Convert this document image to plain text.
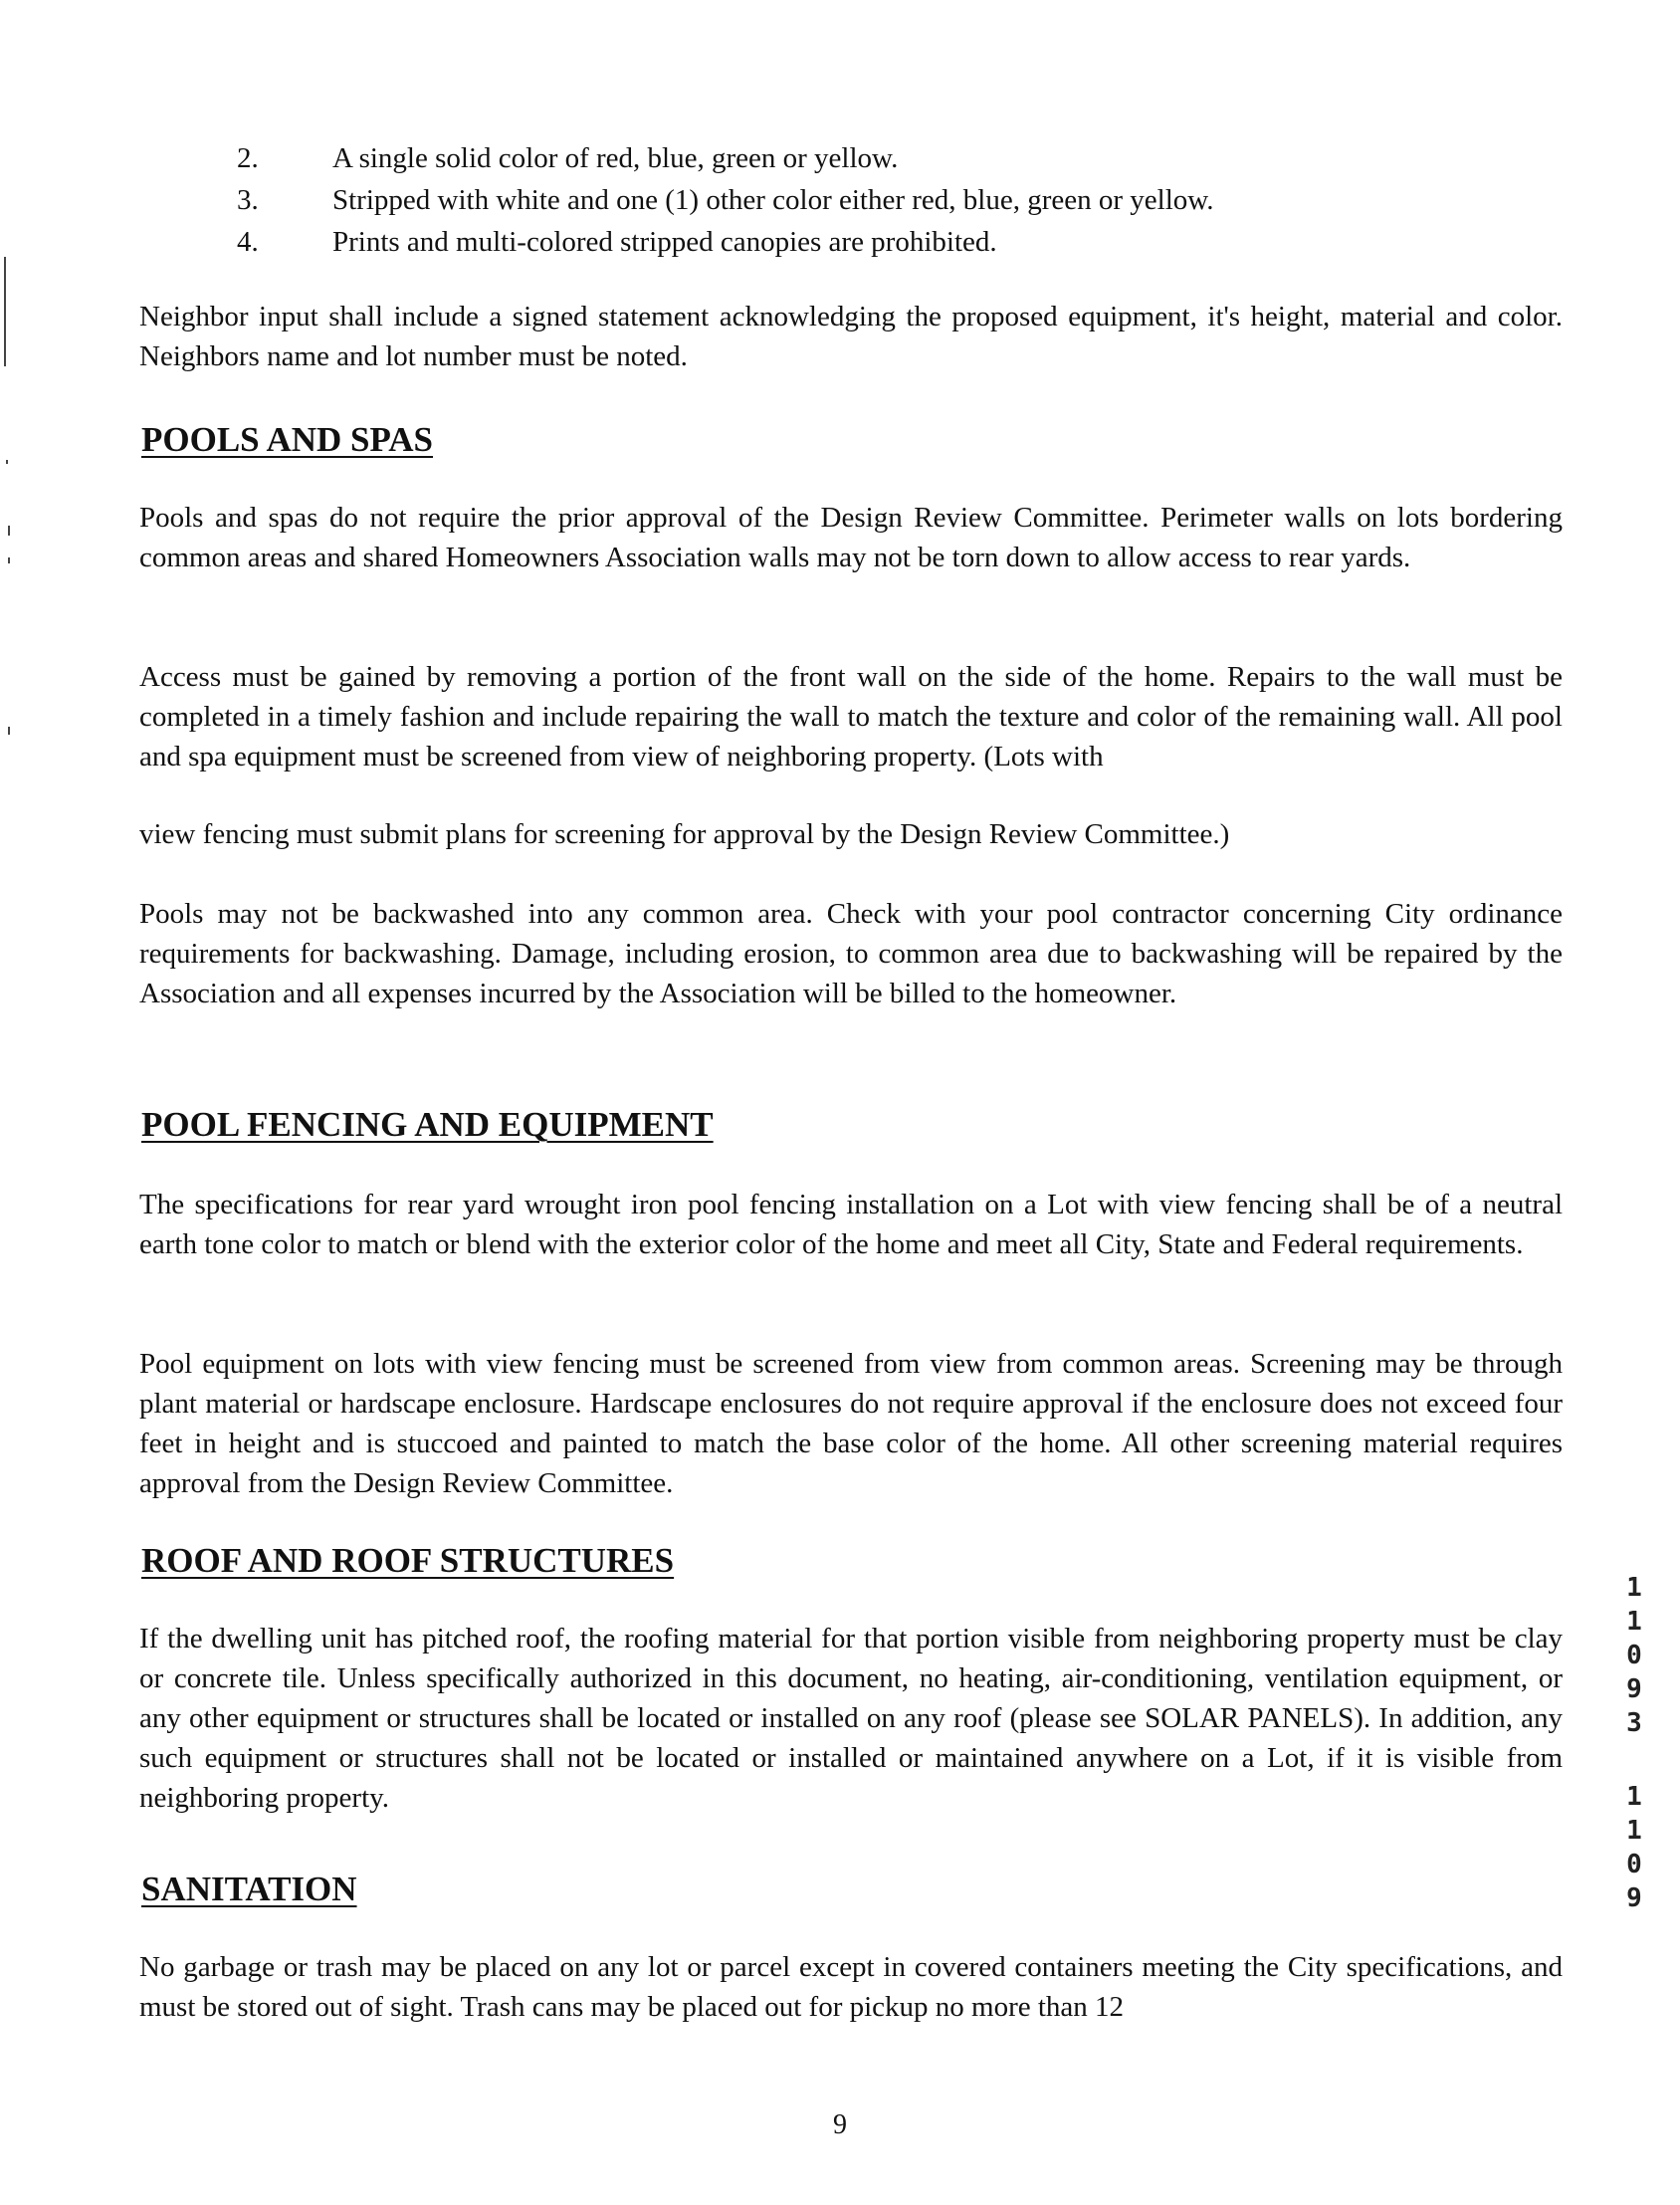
2.	A single solid color of red, blue, green or yellow.
3.	Stripped with white and one (1) other color either red, blue, green or yellow.
4.	Prints and multi-colored stripped canopies are prohibited.

Neighbor input shall include a signed statement acknowledging the proposed equipment, it's height, material and color. Neighbors name and lot number must be noted.

POOLS AND SPAS

Pools and spas do not require the prior approval of the Design Review Committee. Perimeter walls on lots bordering common areas and shared Homeowners Association walls may not be torn down to allow access to rear yards.

Access must be gained by removing a portion of the front wall on the side of the home. Repairs to the wall must be completed in a timely fashion and include repairing the wall to match the texture and color of the remaining wall. All pool and spa equipment must be screened from view of neighboring property. (Lots with

view fencing must submit plans for screening for approval by the Design Review Committee.)

Pools may not be backwashed into any common area. Check with your pool contractor concerning City ordinance requirements for backwashing. Damage, including erosion, to common area due to backwashing will be repaired by the Association and all expenses incurred by the Association will be billed to the homeowner.

POOL FENCING AND EQUIPMENT

The specifications for rear yard wrought iron pool fencing installation on a Lot with view fencing shall be of a neutral earth tone color to match or blend with the exterior color of the home and meet all City, State and Federal requirements.

Pool equipment on lots with view fencing must be screened from view from common areas. Screening may be through plant material or hardscape enclosure. Hardscape enclosures do not require approval if the enclosure does not exceed four feet in height and is stuccoed and painted to match the base color of the home. All other screening material requires approval from the Design Review Committee.

ROOF AND ROOF STRUCTURES

If the dwelling unit has pitched roof, the roofing material for that portion visible from neighboring property must be clay or concrete tile. Unless specifically authorized in this document, no heating, air-conditioning, ventilation equipment, or any other equipment or structures shall be located or installed on any roof (please see SOLAR PANELS). In addition, any such equipment or structures shall not be located or installed or maintained anywhere on a Lot, if it is visible from neighboring property.

SANITATION

No garbage or trash may be placed on any lot or parcel except in covered containers meeting the City specifications, and must be stored out of sight. Trash cans may be placed out for pickup no more than 12

9
1
1
0
9
3
1
1
0
9
